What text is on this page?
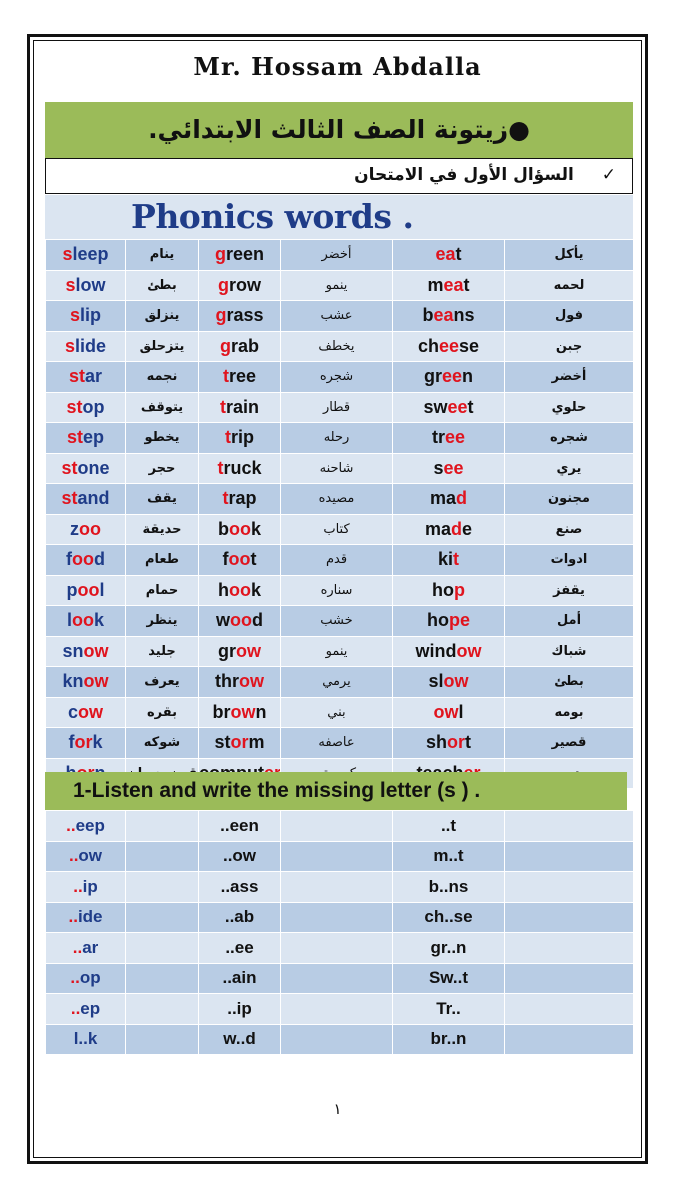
Mr. Hossam Abdalla
●زيتونة الصف الثالث الابتدائي.
✓ السؤال الأول في الامتحان
Phonics words .
sleep	ينام	green	أخضر	eat	يأكل
slow	بطئ	grow	ينمو	meat	لحمه
slip	ينزلق	grass	عشب	beans	فول
slide	يتزحلق	grab	يخطف	cheese	جبن
star	نجمه	tree	شجره	green	أخضر
stop	يتوقف	train	قطار	sweet	حلوي
step	يخطو	trip	رحله	tree	شجره
stone	حجر	truck	شاحنه	see	يري
stand	يقف	trap	مصيده	mad	مجنون
zoo	حديقة	book	كتاب	made	صنع
food	طعام	foot	قدم	kit	ادوات
pool	حمام	hook	سناره	hop	يقفز
look	ينظر	wood	خشب	hope	أمل
snow	جليد	grow	ينمو	window	شباك
know	يعرف	throw	يرمي	slow	بطئ
cow	بقره	brown	بني	owl	بومه
fork	شوكه	storm	عاصفه	short	قصير

1-Listen and write the missing letter (s ) .
..eep		..een		..t	
..ow		..ow		m..t	
..ip		..ass		b..ns	
..ide		..ab		ch..se	
..ar		..ee		gr..n	
..op		..ain		Sw..t	
..ep		..ip		Tr..	
l..k		w..d		br..n	
١
